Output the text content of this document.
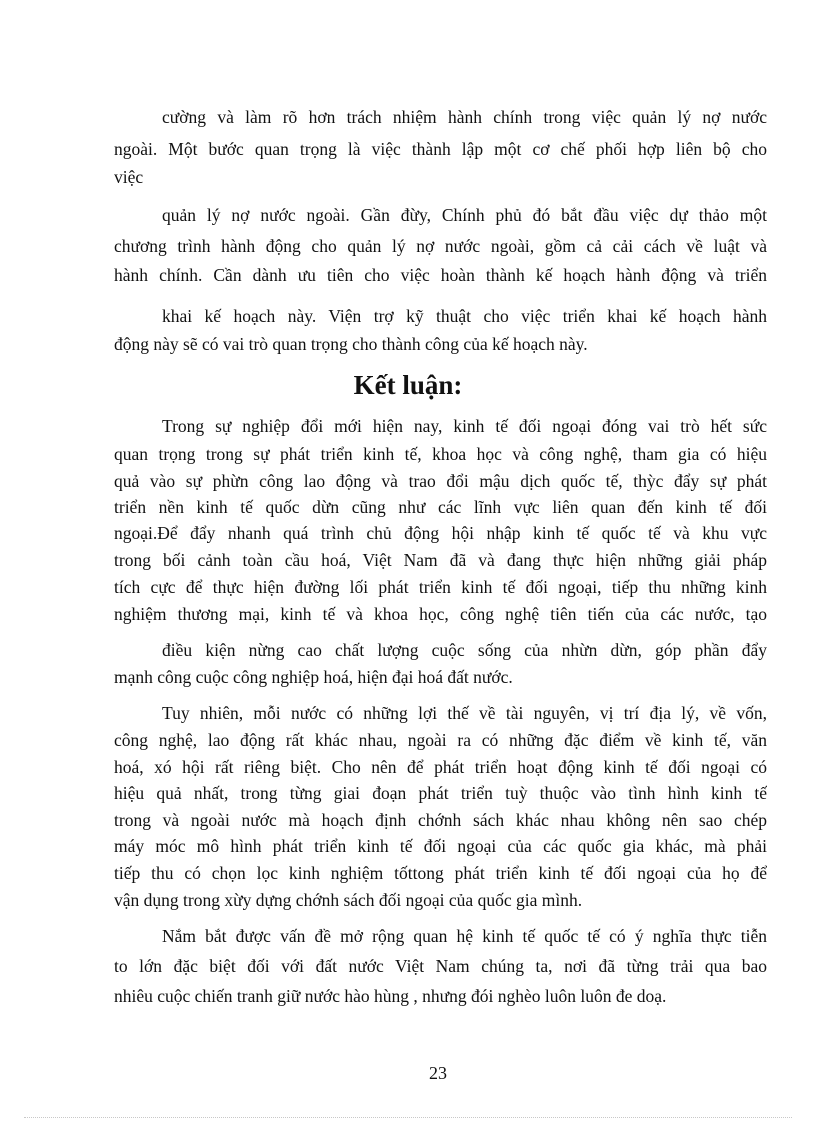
cường và làm rõ hơn trách nhiệm hành chính trong việc quản lý nợ nước

ngoài. Một bước quan trọng là việc thành lập một cơ chế phối hợp liên bộ cho

việc

quản lý nợ nước ngoài. Gần đừy, Chính phủ đó bắt đầu việc dự thảo một

chương trình hành động cho quản lý nợ nước ngoài, gồm cả cải cách về luật và

hành chính. Cần dành ưu tiên cho việc hoàn thành kế hoạch hành động và triển

khai kế hoạch này. Viện trợ kỹ thuật cho việc triển khai kế hoạch hành

động này sẽ có vai trò quan trọng cho thành công của kế hoạch này.

Kết luận:

Trong sự nghiệp đổi mới hiện nay, kinh tế đối ngoại đóng vai trò hết sức

quan trọng trong sự phát triển kinh tế, khoa học và công nghệ, tham gia có hiệu

quả vào sự phừn công lao động và trao đổi mậu dịch quốc tế, thỳc đẩy sự phát

triển nền kinh tế quốc dừn cũng như các lĩnh vực liên quan đến kinh tế đối

ngoại.Để đẩy nhanh quá trình chủ động hội nhập kinh tế quốc tế và khu vực

trong bối cảnh toàn cầu hoá, Việt Nam đã và đang thực hiện những giải pháp

tích cực để thực hiện đường lối phát triển kinh tế đối ngoại, tiếp thu những kinh

nghiệm thương mại, kinh tế và khoa học, công nghệ tiên tiến của các nước, tạo

điều kiện nừng cao chất lượng cuộc sống của nhừn dừn, góp phần đẩy

mạnh công cuộc công nghiệp hoá, hiện đại hoá đất nước.

Tuy nhiên, mỗi nước có những lợi thế về tài nguyên, vị trí địa lý, về vốn,

công nghệ, lao động rất khác nhau, ngoài ra có những đặc điểm về kinh tế, văn

hoá, xó hội rất riêng biệt. Cho nên để phát triển hoạt động kinh tế đối ngoại có

hiệu quả nhất, trong từng giai đoạn phát triển tuỳ thuộc vào tình hình kinh tế

trong và ngoài nước mà hoạch định chớnh sách khác nhau không nên sao chép

máy móc mô hình phát triển kinh tế đối ngoại của các quốc gia khác, mà phải

tiếp thu có chọn lọc kinh nghiệm tốttong phát triển kinh tế đối ngoại của họ để

vận dụng trong xừy dựng chớnh sách đối ngoại của quốc gia mình.

Nắm bắt được vấn đề mở rộng quan hệ kinh tế quốc tế có ý nghĩa thực tiễn

to lớn đặc biệt đối với đất nước Việt Nam chúng ta, nơi đã từng trải qua bao

nhiêu cuộc chiến tranh giữ nước hào hùng , nhưng đói nghèo luôn luôn đe doạ.

23
